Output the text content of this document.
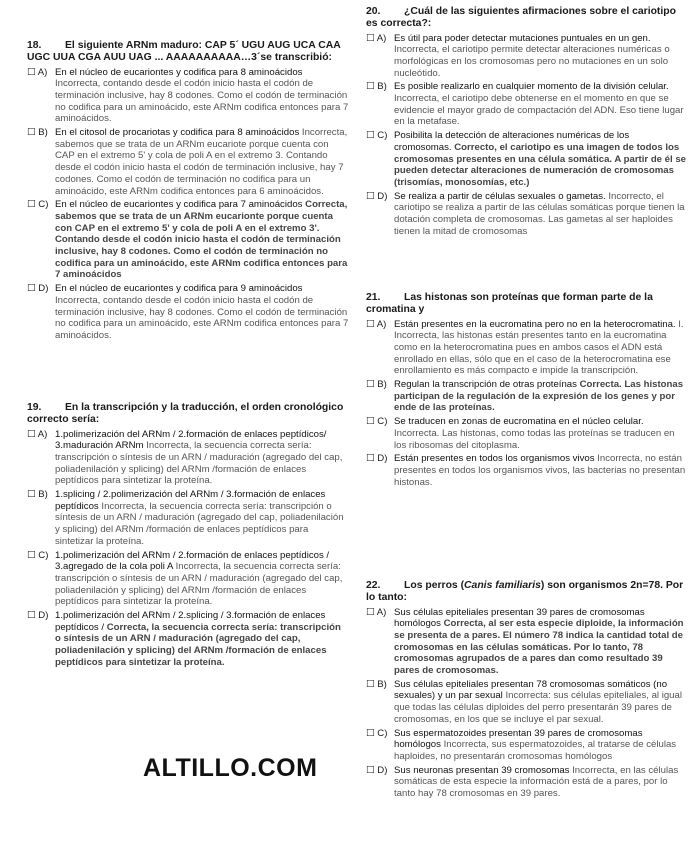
18. El siguiente ARNm maduro: CAP 5´ UGU AUG UCA CAA UGC UUA CGA AUU UAG ... AAAAAAAAAA…3´se transcribió:
☐ A) En el núcleo de eucariontes y codifica para 8 aminoácidos Incorrecta, contando desde el codón inicio hasta el codón de terminación inclusive, hay 8 codones. Como el codón de terminación no codifica para un aminoácido, este ARNm codifica entonces para 7 aminoácidos.
☐ B) En el citosol de procariotas y codifica para 8 aminoácidos Incorrecta, sabemos que se trata de un ARNm eucariote porque cuenta con CAP en el extremo 5' y cola de poli A en el extremo 3. Contando desde el codón inicio hasta el codón de terminación inclusive, hay 7 codones. Como el codón de terminación no codifica para un aminoácido, este ARNm codifica entonces para 6 aminoácidos.
☐ C) En el núcleo de eucariontes y codifica para 7 aminoácidos Correcta, sabemos que se trata de un ARNm eucarionte porque cuenta con CAP en el extremo 5' y cola de poli A en el extremo 3'. Contando desde el codón inicio hasta el codón de terminación inclusive, hay 8 codones. Como el codón de terminación no codifica para un aminoácido, este ARNm codifica entonces para 7 aminoácidos
☐ D) En el núcleo de eucariontes y codifica para 9 aminoácidos Incorrecta, contando desde el codón inicio hasta el codón de terminación inclusive, hay 8 codones. Como el codón de terminación no codifica para un aminoácido, este ARNm codifica entonces para 7 aminoácidos.
19. En la transcripción y la traducción, el orden cronológico correcto sería:
☐ A) 1.polimerización del ARNm / 2.formación de enlaces peptídicos/ 3.maduración ARNm Incorrecta, la secuencia correcta sería: transcripción o síntesis de un ARN / maduración (agregado del cap, poliadenilación y splicing) del ARNm /formación de enlaces peptídicos para sintetizar la proteína.
☐ B) 1.splicing / 2.polimerización del ARNm / 3.formación de enlaces peptídicos Incorrecta, la secuencia correcta sería: transcripción o síntesis de un ARN / maduración (agregado del cap, poliadenilación y splicing) del ARNm /formación de enlaces peptídicos para sintetizar la proteína.
☐ C) 1.polimerización del ARNm / 2.formación de enlaces peptídicos / 3.agregado de la cola poli A Incorrecta, la secuencia correcta sería: transcripción o síntesis de un ARN / maduración (agregado del cap, poliadenilación y splicing) del ARNm /formación de enlaces peptídicos para sintetizar la proteína.
☐ D) 1.polimerización del ARNm / 2.splicing / 3.formación de enlaces peptídicos / Correcta, la secuencia correcta sería: transcripción o síntesis de un ARN / maduración (agregado del cap, poliadenilación y splicing) del ARNm /formación de enlaces peptídicos para sintetizar la proteína.
ALTILLO.COM
20. ¿Cuál de las siguientes afirmaciones sobre el cariotipo es correcta?:
☐ A) Es útil para poder detectar mutaciones puntuales en un gen. Incorrecta, el cariotipo permite detectar alteraciones numéricas o morfológicas en los cromosomas pero no mutaciones en un solo nucleótido.
☐ B) Es posible realizarlo en cualquier momento de la división celular. Incorrecta, el cariotipo debe obtenerse en el momento en que se evidencie el mayor grado de compactación del ADN. Eso tiene lugar en la metafase.
☐ C) Posibilita la detección de alteraciones numéricas de los cromosomas. Correcto, el cariotipo es una imagen de todos los cromosomas presentes en una célula somática. A partir de él se pueden detectar alteraciones de numeración de cromosomas (trisomías, monosomías, etc.)
☐ D) Se realiza a partir de células sexuales o gametas. Incorrecto, el cariotipo se realiza a partir de las células somáticas porque tienen la dotación completa de cromosomas. Las gametas al ser haploides tienen la mitad de cromosomas
21. Las histonas son proteínas que forman parte de la cromatina y
☐ A) Están presentes en la eucromatina pero no en la heterocromatina. I. Incorrecta, las histonas están presentes tanto en la eucromatina como en la heterocromatina pues en ambos casos el ADN está enrollado en ellas, sólo que en el caso de la heterocromatina ese enrollamiento es más compacto e impide la transcripción.
☐ B) Regulan la transcripción de otras proteínas Correcta. Las histonas participan de la regulación de la expresión de los genes y por ende de las proteínas.
☐ C) Se traducen en zonas de eucromatina en el núcleo celular. Incorrecta. Las histonas, como todas las proteínas se traducen en los ribosomas del citoplasma.
☐ D) Están presentes en todos los organismos vivos Incorrecta, no están presentes en todos los organismos vivos, las bacterias no presentan histonas.
22. Los perros (Canis familiaris) son organismos 2n=78. Por lo tanto:
☐ A) Sus células epiteliales presentan 39 pares de cromosomas homólogos Correcta, al ser esta especie diploide, la información se presenta de a pares. El número 78 indica la cantidad total de cromosomas en las células somáticas. Por lo tanto, 78 cromosomas agrupados de a pares dan como resultado 39 pares de cromosomas.
☐ B) Sus células epiteliales presentan 78 cromosomas somáticos (no sexuales) y un par sexual Incorrecta: sus células epiteliales, al igual que todas las células diploides del perro presentarán 39 pares de cromosomas, en los que se incluye el par sexual.
☐ C) Sus espermatozoides presentan 39 pares de cromosomas homólogos Incorrecta, sus espermatozoides, al tratarse de células haploides, no presentarán cromosomas homólogos
☐ D) Sus neuronas presentan 39 cromosomas Incorrecta, en las células somáticas de esta especie la información está de a pares, por lo tanto hay 78 cromosomas en 39 pares.
